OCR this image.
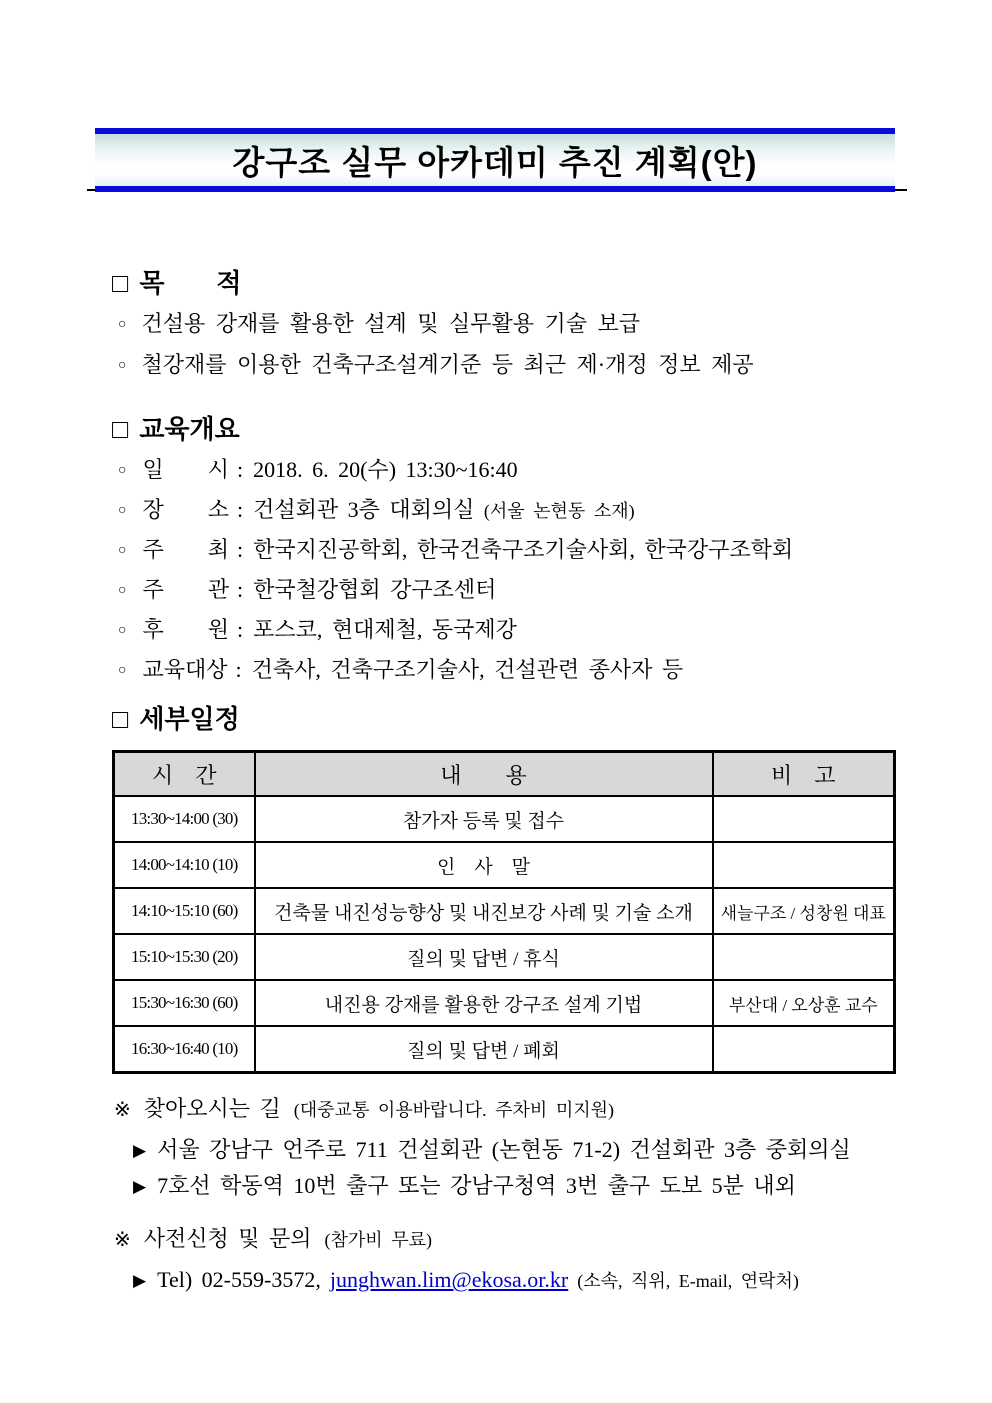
강구조 실무 아카데미 추진 계획(안)
□ 목　　적
○ 건설용 강재를 활용한 설계 및 실무활용 기술 보급
○ 철강재를 이용한 건축구조설계기준 등 최근 제·개정 정보 제공
□ 교육개요
○ 일　　시 : 2018. 6. 20(수) 13:30~16:40
○ 장　　소 : 건설회관 3층 대회의실 (서울 논현동 소재)
○ 주　　최 : 한국지진공학회, 한국건축구조기술사회, 한국강구조학회
○ 주　　관 : 한국철강협회 강구조센터
○ 후　　원 : 포스코, 현대제철, 동국제강
○ 교육대상 : 건축사, 건축구조기술사, 건설관련 종사자 등
□ 세부일정
시　간	내　　용	비　고
13:30~14:00 (30)	참가자 등록 및 접수	
14:00~14:10 (10)	인　사　말	
14:10~15:10 (60)	건축물 내진성능향상 및 내진보강 사례 및 기술 소개	새늘구조 / 성창원 대표
15:10~15:30 (20)	질의 및 답변 / 휴식	
15:30~16:30 (60)	내진용 강재를 활용한 강구조 설계 기법	부산대 / 오상훈 교수
16:30~16:40 (10)	질의 및 답변 / 폐회	
※ 찾아오시는 길 (대중교통 이용바랍니다. 주차비 미지원)
▶ 서울 강남구 언주로 711 건설회관 (논현동 71-2) 건설회관 3층 중회의실
▶ 7호선 학동역 10번 출구 또는 강남구청역 3번 출구 도보 5분 내외
※ 사전신청 및 문의 (참가비 무료)
▶ Tel) 02-559-3572, junghwan.lim@ekosa.or.kr (소속, 직위, E-mail, 연락처)
